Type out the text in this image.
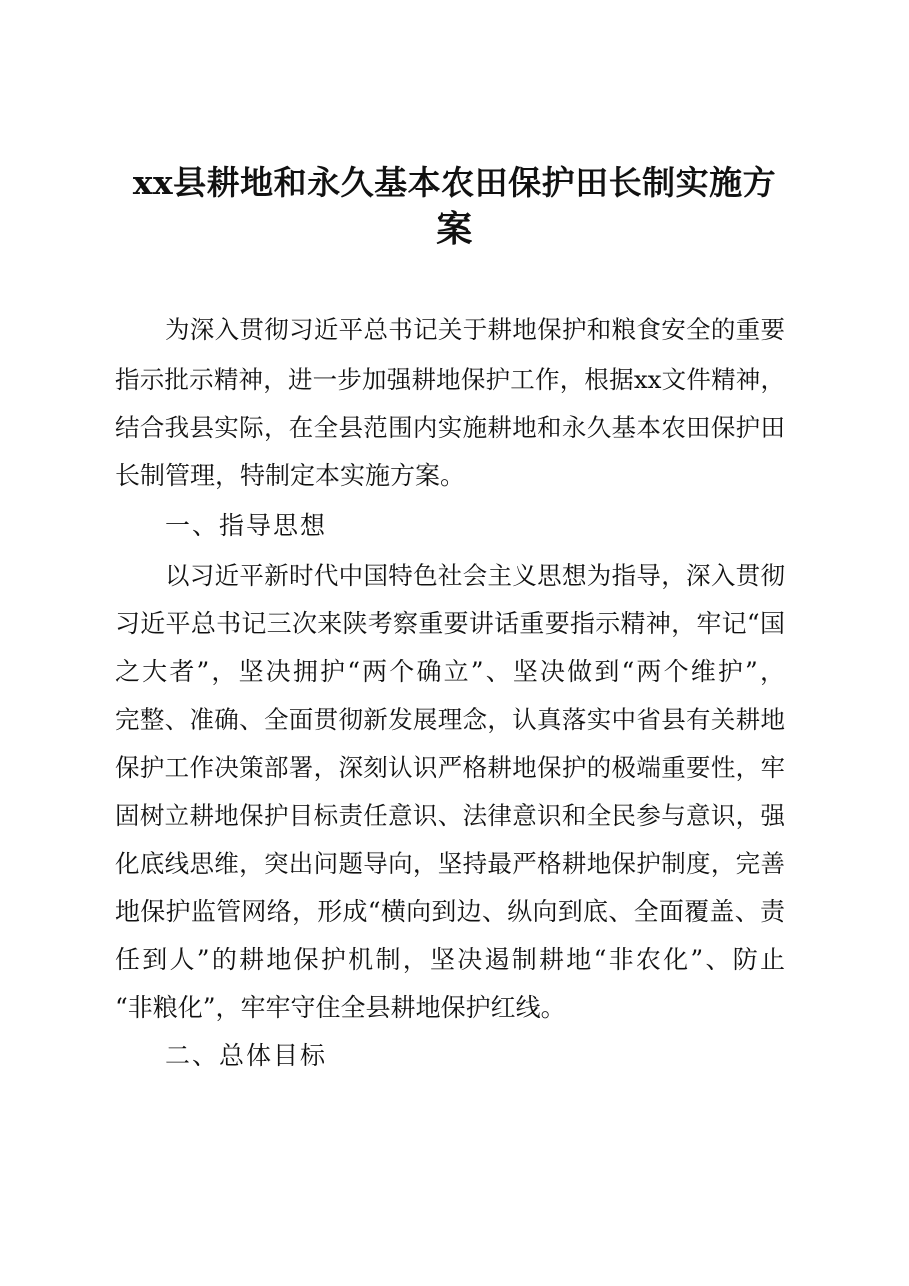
xx县耕地和永久基本农田保护田长制实施方
案
为深入贯彻习近平总书记关于耕地保护和粮食安全的重要
指示批示精神，进一步加强耕地保护工作，根据xx文件精神，
结合我县实际，在全县范围内实施耕地和永久基本农田保护田
长制管理，特制定本实施方案。
一、指导思想
以习近平新时代中国特色社会主义思想为指导，深入贯彻
习近平总书记三次来陕考察重要讲话重要指示精神，牢记“国
之大者”，坚决拥护“两个确立”、坚决做到“两个维护”，
完整、准确、全面贯彻新发展理念，认真落实中省县有关耕地
保护工作决策部署，深刻认识严格耕地保护的极端重要性，牢
固树立耕地保护目标责任意识、法律意识和全民参与意识，强
化底线思维，突出问题导向，坚持最严格耕地保护制度，完善
地保护监管网络，形成“横向到边、纵向到底、全面覆盖、责
任到人”的耕地保护机制，坚决遏制耕地“非农化”、防止
“非粮化”，牢牢守住全县耕地保护红线。
二、总体目标
